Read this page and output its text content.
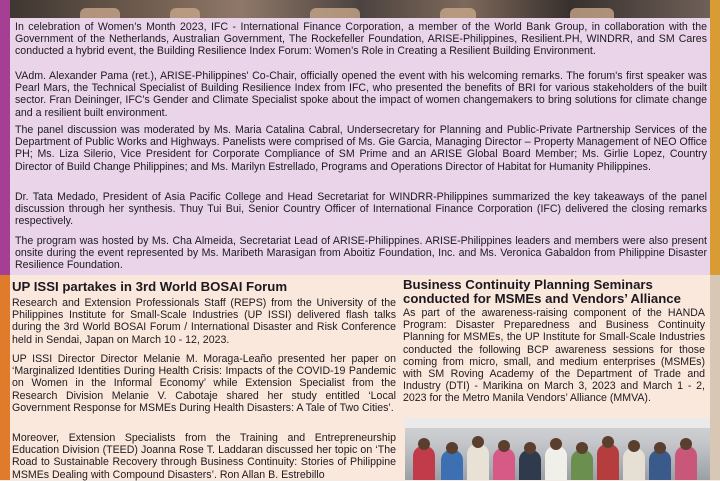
In celebration of Women’s Month 2023, IFC - International Finance Corporation, a member of the World Bank Group, in collaboration with the Government of the Netherlands, Australian Government, The Rockefeller Foundation, ARISE-Philippines, Resilient.PH, WINDRR, and SM Cares conducted a hybrid event, the Building Resilience Index Forum: Women’s Role in Creating a Resilient Building Environment.

VAdm. Alexander Pama (ret.), ARISE-Philippines' Co-Chair, officially opened the event with his welcoming remarks. The forum's first speaker was Pearl Mars, the Technical Specialist of Building Resilience Index from IFC, who presented the benefits of BRI for various stakeholders of the built sector. Fran Deininger, IFC's Gender and Climate Specialist spoke about the impact of women changemakers to bring solutions for climate change and a resilient built environment.

The panel discussion was moderated by Ms. Maria Catalina Cabral, Undersecretary for Planning and Public-Private Partnership Services of the Department of Public Works and Highways. Panelists were comprised of Ms. Gie Garcia, Managing Director – Property Management of NEO Office PH; Ms. Liza Silerio, Vice President for Corporate Compliance of SM Prime and an ARISE Global Board Member; Ms. Girlie Lopez, Country Director of Build Change Philippines; and Ms. Marilyn Estrellado, Programs and Operations Director of Habitat for Humanity Philippines.

Dr. Tata Medado, President of Asia Pacific College and Head Secretariat for WINDRR-Philippines summarized the key takeaways of the panel discussion through her synthesis. Thuy Tui Bui, Senior Country Officer of International Finance Corporation (IFC) delivered the closing remarks respectively.

The program was hosted by Ms. Cha Almeida, Secretariat Lead of ARISE-Philippines. ARISE-Philippines leaders and members were also present onsite during the event represented by Ms. Maribeth Marasigan from Aboitiz Foundation, Inc. and Ms. Veronica Gabaldon from Philippine Disaster Resilience Foundation.

UP ISSI partakes in 3rd World BOSAI Forum

Research and Extension Professionals Staff (REPS) from the University of the Philippines Institute for Small-Scale Industries (UP ISSI) delivered flash talks during the 3rd World BOSAI Forum / International Disaster and Risk Conference held in Sendai, Japan on March 10 - 12, 2023.

UP ISSI Director Director Melanie M. Moraga-Leaño presented her paper on ‘Marginalized Identities During Health Crisis: Impacts of the COVID-19 Pandemic on Women in the Informal Economy’ while Extension Specialist from the Research Division Melanie V. Cabotaje shared her study entitled ‘Local Government Response for MSMEs During Health Disasters: A Tale of Two Cities’.

Moreover, Extension Specialists from the Training and Entrepreneurship Education Division (TEED) Joanna Rose T. Laddaran discussed her topic on ‘The Road to Sustainable Recovery through Business Continuity: Stories of Philippine MSMEs Dealing with Compound Disasters’. Ron Allan B. Estrebillo

Business Continuity Planning Seminars conducted for MSMEs and Vendors’ Alliance

As part of the awareness-raising component of the HANDA Program: Disaster Preparedness and Business Continuity Planning for MSMEs, the UP Institute for Small-Scale Industries conducted the following BCP awareness sessions for those coming from micro, small, and medium enterprises (MSMEs) with SM Roving Academy of the Department of Trade and Industry (DTI) - Marikina on March 3, 2023 and March 1 - 2, 2023 for the Metro Manila Vendors’ Alliance (MMVA).
